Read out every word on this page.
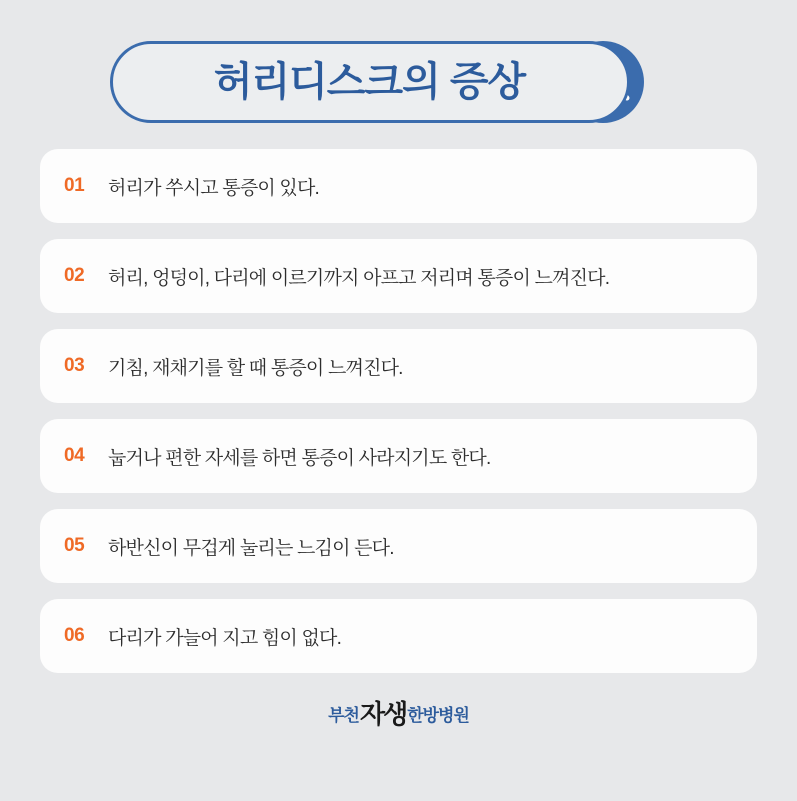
허리디스크의 증상
01	허리가 쑤시고 통증이 있다.
02	허리, 엉덩이, 다리에 이르기까지 아프고 저리며 통증이 느껴진다.
03	기침, 재채기를 할 때 통증이 느껴진다.
04	눕거나 편한 자세를 하면 통증이 사라지기도 한다.
05	하반신이 무겁게 눌리는 느김이 든다.
06	다리가 가늘어 지고 힘이 없다.
부천 자생 한방병원
